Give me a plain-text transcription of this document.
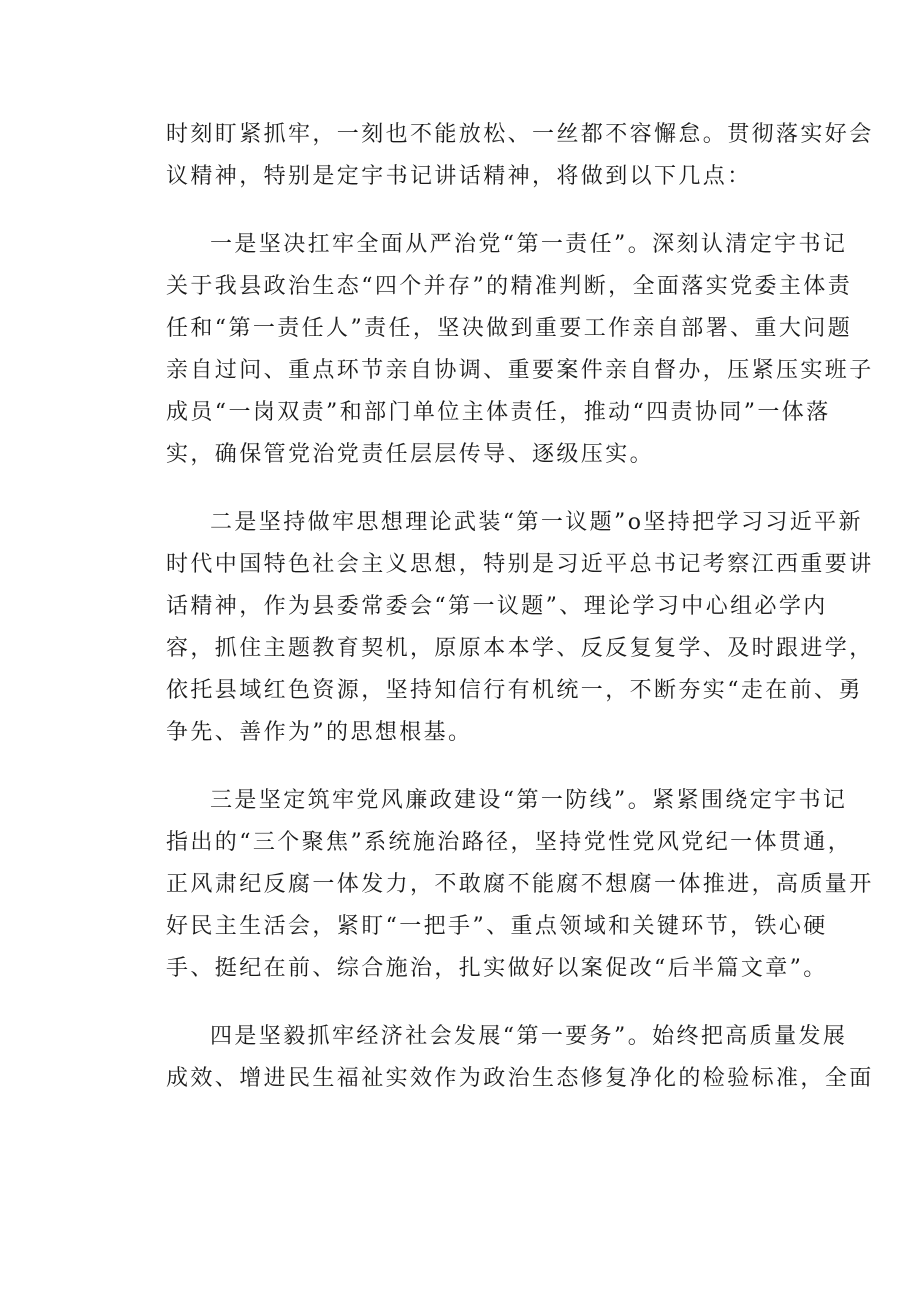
时刻盯紧抓牢，一刻也不能放松、一丝都不容懈怠。贯彻落实好会
议精神，特别是定宇书记讲话精神，将做到以下几点：
一是坚决扛牢全面从严治党“第一责任”。深刻认清定宇书记
关于我县政治生态“四个并存”的精准判断，全面落实党委主体责
任和“第一责任人”责任，坚决做到重要工作亲自部署、重大问题
亲自过问、重点环节亲自协调、重要案件亲自督办，压紧压实班子
成员“一岗双责”和部门单位主体责任，推动“四责协同”一体落
实，确保管党治党责任层层传导、逐级压实。
二是坚持做牢思想理论武装“第一议题”o坚持把学习习近平新
时代中国特色社会主义思想，特别是习近平总书记考察江西重要讲
话精神，作为县委常委会“第一议题”、理论学习中心组必学内
容，抓住主题教育契机，原原本本学、反反复复学、及时跟进学，
依托县域红色资源，坚持知信行有机统一，不断夯实“走在前、勇
争先、善作为”的思想根基。
三是坚定筑牢党风廉政建设“第一防线”。紧紧围绕定宇书记
指出的“三个聚焦”系统施治路径，坚持党性党风党纪一体贯通，
正风肃纪反腐一体发力，不敢腐不能腐不想腐一体推进，高质量开
好民主生活会，紧盯“一把手”、重点领域和关键环节，铁心硬
手、挺纪在前、综合施治，扎实做好以案促改“后半篇文章”。
四是坚毅抓牢经济社会发展“第一要务”。始终把高质量发展
成效、增进民生福祉实效作为政治生态修复净化的检验标准，全面
